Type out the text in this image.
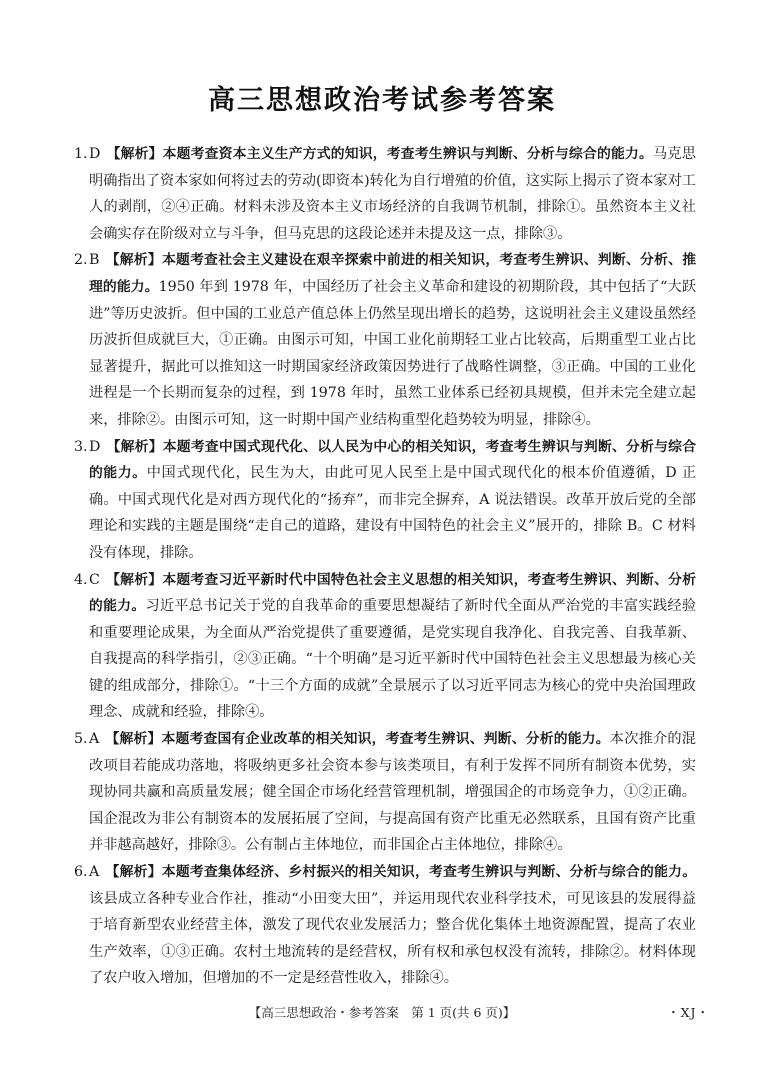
高三思想政治考试参考答案
1. D 【解析】本题考查资本主义生产方式的知识，考查考生辨识与判断、分析与综合的能力。马克思明确指出了资本家如何将过去的劳动(即资本)转化为自行增殖的价值，这实际上揭示了资本家对工人的剥削，②④正确。材料未涉及资本主义市场经济的自我调节机制，排除①。虽然资本主义社会确实存在阶级对立与斗争，但马克思的这段论述并未提及这一点，排除③。
2. B 【解析】本题考查社会主义建设在艰辛探索中前进的相关知识，考查考生辨识、判断、分析、推理的能力。1950 年到 1978 年，中国经历了社会主义革命和建设的初期阶段，其中包括了“大跃进”等历史波折。但中国的工业总产值总体上仍然呈现出增长的趋势，这说明社会主义建设虽然经历波折但成就巨大，①正确。由图示可知，中国工业化前期轻工业占比较高，后期重型工业占比显著提升，据此可以推知这一时期国家经济政策因势进行了战略性调整，③正确。中国的工业化进程是一个长期而复杂的过程，到 1978 年时，虽然工业体系已经初具规模，但并未完全建立起来，排除②。由图示可知，这一时期中国产业结构重型化趋势较为明显，排除④。
3. D 【解析】本题考查中国式现代化、以人民为中心的相关知识，考查考生辨识与判断、分析与综合的能力。中国式现代化，民生为大，由此可见人民至上是中国式现代化的根本价值遵循，D 正确。中国式现代化是对西方现代化的“扬弃”，而非完全摒弃，A 说法错误。改革开放后党的全部理论和实践的主题是围绕“走自己的道路，建设有中国特色的社会主义”展开的，排除 B。C 材料没有体现，排除。
4. C 【解析】本题考查习近平新时代中国特色社会主义思想的相关知识，考查考生辨识、判断、分析的能力。习近平总书记关于党的自我革命的重要思想凝结了新时代全面从严治党的丰富实践经验和重要理论成果，为全面从严治党提供了重要遵循，是党实现自我净化、自我完善、自我革新、自我提高的科学指引，②③正确。“十个明确”是习近平新时代中国特色社会主义思想最为核心关键的组成部分，排除①。“十三个方面的成就”全景展示了以习近平同志为核心的党中央治国理政理念、成就和经验，排除④。
5. A 【解析】本题考查国有企业改革的相关知识，考查考生辨识、判断、分析的能力。本次推介的混改项目若能成功落地，将吸纳更多社会资本参与该类项目，有利于发挥不同所有制资本优势，实现协同共赢和高质量发展；健全国企市场化经营管理机制，增强国企的市场竞争力，①②正确。国企混改为非公有制资本的发展拓展了空间，与提高国有资产比重无必然联系，且国有资产比重并非越高越好，排除③。公有制占主体地位，而非国企占主体地位，排除④。
6. A 【解析】本题考查集体经济、乡村振兴的相关知识，考查考生辨识与判断、分析与综合的能力。该县成立各种专业合作社，推动“小田变大田”，并运用现代农业科学技术，可见该县的发展得益于培育新型农业经营主体，激发了现代农业发展活力；整合优化集体土地资源配置，提高了农业生产效率，①③正确。农村土地流转的是经营权，所有权和承包权没有流转，排除②。材料体现了农户收入增加，但增加的不一定是经营性收入，排除④。
【高三思想政治・参考答案　第 1 页(共 6 页)】	・XJ・
